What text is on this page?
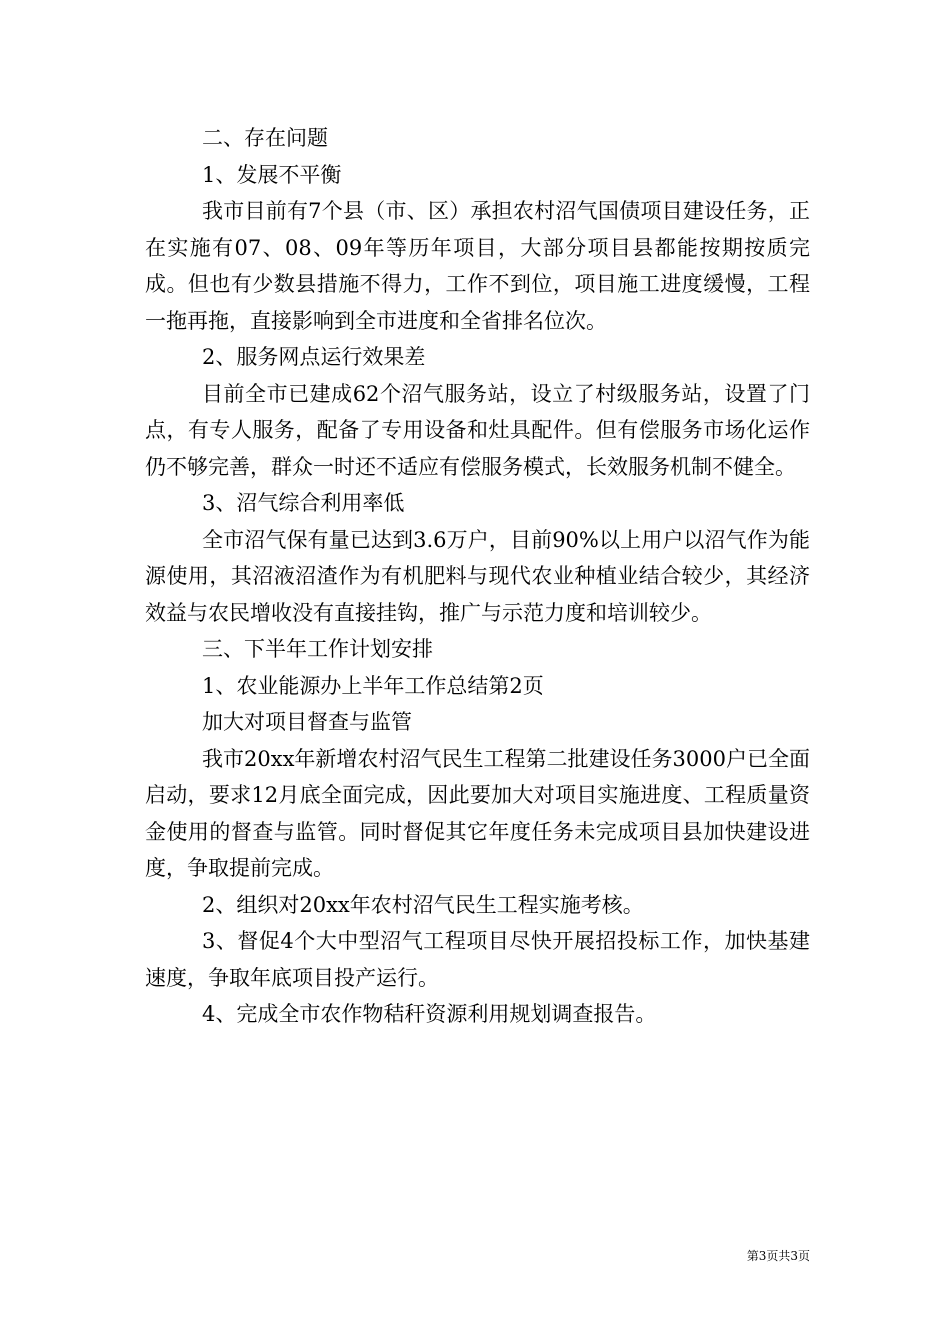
二、存在问题

1、发展不平衡

我市目前有7个县（市、区）承担农村沼气国债项目建设任务，正在实施有07、08、09年等历年项目，大部分项目县都能按期按质完成。但也有少数县措施不得力，工作不到位，项目施工进度缓慢，工程一拖再拖，直接影响到全市进度和全省排名位次。

2、服务网点运行效果差

目前全市已建成62个沼气服务站，设立了村级服务站，设置了门点，有专人服务，配备了专用设备和灶具配件。但有偿服务市场化运作仍不够完善，群众一时还不适应有偿服务模式，长效服务机制不健全。

3、沼气综合利用率低

全市沼气保有量已达到3.6万户，目前90%以上用户以沼气作为能源使用，其沼液沼渣作为有机肥料与现代农业种植业结合较少，其经济效益与农民增收没有直接挂钩，推广与示范力度和培训较少。

三、下半年工作计划安排

1、农业能源办上半年工作总结第2页

加大对项目督查与监管

我市20xx年新增农村沼气民生工程第二批建设任务3000户已全面启动，要求12月底全面完成，因此要加大对项目实施进度、工程质量资金使用的督查与监管。同时督促其它年度任务未完成项目县加快建设进度，争取提前完成。

2、组织对20xx年农村沼气民生工程实施考核。

3、督促4个大中型沼气工程项目尽快开展招投标工作，加快基建速度，争取年底项目投产运行。

4、完成全市农作物秸秆资源利用规划调查报告。

第3页共3页
